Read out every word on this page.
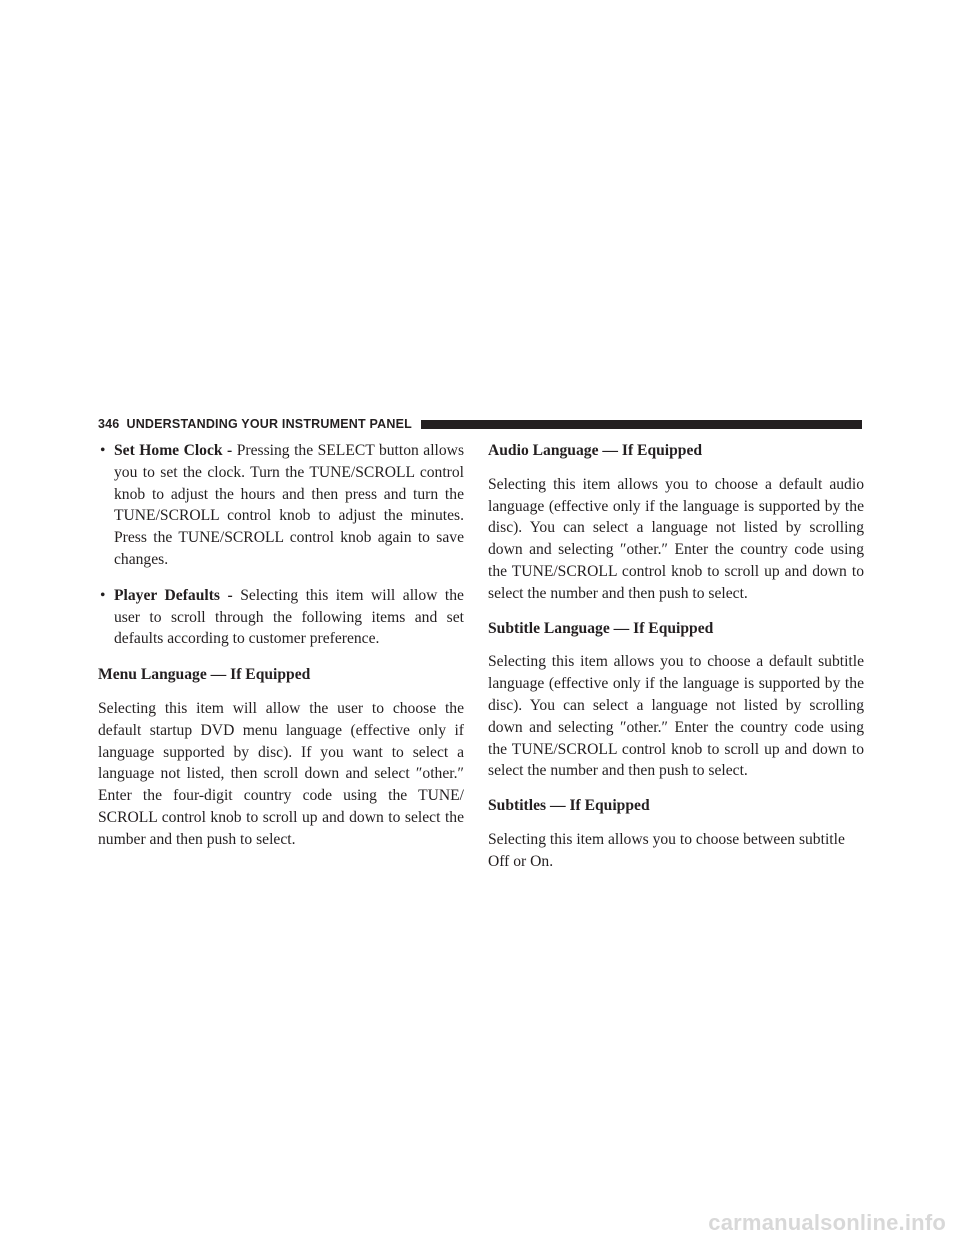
346 UNDERSTANDING YOUR INSTRUMENT PANEL
• Set Home Clock - Pressing the SELECT button allows you to set the clock. Turn the TUNE/SCROLL control knob to adjust the hours and then press and turn the TUNE/SCROLL control knob to adjust the minutes. Press the TUNE/SCROLL control knob again to save changes.

• Player Defaults - Selecting this item will allow the user to scroll through the following items and set defaults according to customer preference.

Menu Language — If Equipped

Selecting this item will allow the user to choose the default startup DVD menu language (effective only if language supported by disc). If you want to select a language not listed, then scroll down and select ″other.″ Enter the four-digit country code using the TUNE/ SCROLL control knob to scroll up and down to select the number and then push to select.

Audio Language — If Equipped

Selecting this item allows you to choose a default audio language (effective only if the language is supported by the disc). You can select a language not listed by scrolling down and selecting ″other.″ Enter the country code using the TUNE/SCROLL control knob to scroll up and down to select the number and then push to select.

Subtitle Language — If Equipped

Selecting this item allows you to choose a default subtitle language (effective only if the language is supported by the disc). You can select a language not listed by scrolling down and selecting ″other.″ Enter the country code using the TUNE/SCROLL control knob to scroll up and down to select the number and then push to select.

Subtitles — If Equipped

Selecting this item allows you to choose between subtitle Off or On.

carmanualsonline.info
